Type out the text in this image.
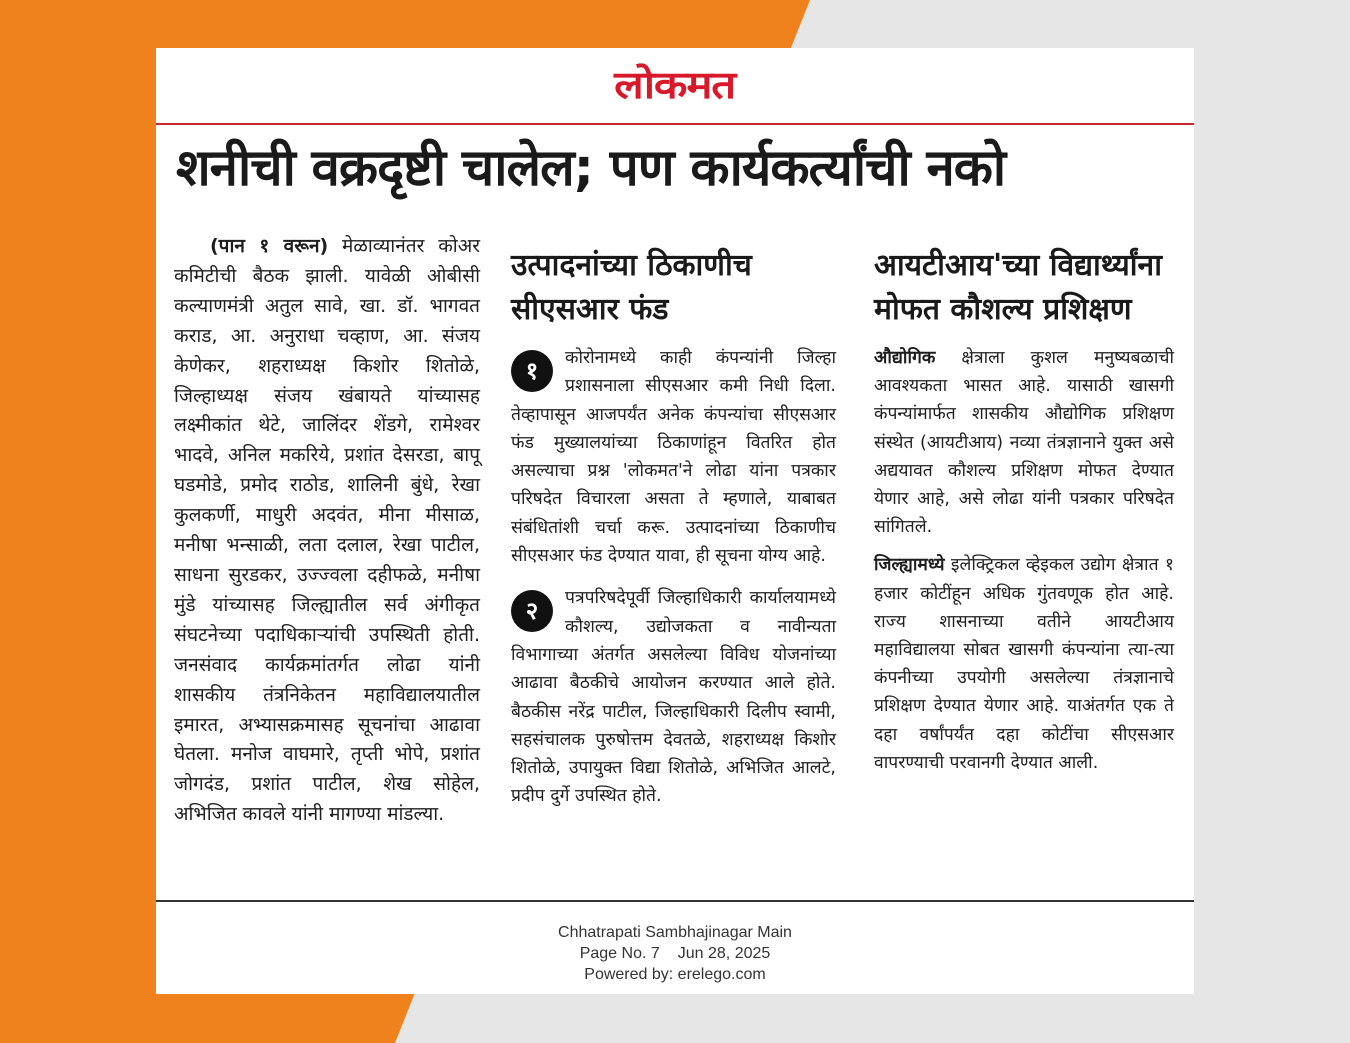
लोकमत
शनीची वक्रदृष्टी चालेल; पण कार्यकर्त्यांची नको
(पान १ वरून) मेळाव्यानंतर कोअर कमिटीची बैठक झाली. यावेळी ओबीसी कल्याणमंत्री अतुल सावे, खा. डॉ. भागवत कराड, आ. अनुराधा चव्हाण, आ. संजय केणेकर, शहराध्यक्ष किशोर शितोळे, जिल्हाध्यक्ष संजय खंबायते यांच्यासह लक्ष्मीकांत थेटे, जालिंदर शेंडगे, रामेश्वर भादवे, अनिल मकरिये, प्रशांत देसरडा, बापू घडमोडे, प्रमोद राठोड, शालिनी बुंधे, रेखा कुलकर्णी, माधुरी अदवंत, मीना मीसाळ, मनीषा भन्साळी, लता दलाल, रेखा पाटील, साधना सुरडकर, उज्ज्वला दहीफळे, मनीषा मुंडे यांच्यासह जिल्ह्यातील सर्व अंगीकृत संघटनेच्या पदाधिकाऱ्यांची उपस्थिती होती. जनसंवाद कार्यक्रमांतर्गत लोढा यांनी शासकीय तंत्रनिकेतन महाविद्यालयातील इमारत, अभ्यासक्रमासह सूचनांचा आढावा घेतला. मनोज वाघमारे, तृप्ती भोपे, प्रशांत जोगदंड, प्रशांत पाटील, शेख सोहेल, अभिजित कावले यांनी मागण्या मांडल्या.
उत्पादनांच्या ठिकाणीच सीएसआर फंड
१	कोरोनामध्ये काही कंपन्यांनी जिल्हा प्रशासनाला सीएसआर कमी निधी दिला. तेव्हापासून आजपर्यंत अनेक कंपन्यांचा सीएसआर फंड मुख्यालयांच्या ठिकाणांहून वितरित होत असल्याचा प्रश्न 'लोकमत'ने लोढा यांना पत्रकार परिषदेत विचारला असता ते म्हणाले, याबाबत संबंधितांशी चर्चा करू. उत्पादनांच्या ठिकाणीच सीएसआर फंड देण्यात यावा, ही सूचना योग्य आहे.
२	पत्रपरिषदेपूर्वी जिल्हाधिकारी कार्यालयामध्ये कौशल्य, उद्योजकता व नावीन्यता विभागाच्या अंतर्गत असलेल्या विविध योजनांच्या आढावा बैठकीचे आयोजन करण्यात आले होते. बैठकीस नरेंद्र पाटील, जिल्हाधिकारी दिलीप स्वामी, सहसंचालक पुरुषोत्तम देवतळे, शहराध्यक्ष किशोर शितोळे, उपायुक्त विद्या शितोळे, अभिजित आलटे, प्रदीप दुर्गे उपस्थित होते.
आयटीआय'च्या विद्यार्थ्यांना मोफत कौशल्य प्रशिक्षण
औद्योगिक क्षेत्राला कुशल मनुष्यबळाची आवश्यकता भासत आहे. यासाठी खासगी कंपन्यांमार्फत शासकीय औद्योगिक प्रशिक्षण संस्थेत (आयटीआय) नव्या तंत्रज्ञानाने युक्त असे अद्ययावत कौशल्य प्रशिक्षण मोफत देण्यात येणार आहे, असे लोढा यांनी पत्रकार परिषदेत सांगितले.
जिल्ह्यामध्ये इलेक्ट्रिकल व्हेइकल उद्योग क्षेत्रात १ हजार कोटींहून अधिक गुंतवणूक होत आहे. राज्य शासनाच्या वतीने आयटीआय महाविद्यालया सोबत खासगी कंपन्यांना त्या-त्या कंपनीच्या उपयोगी असलेल्या तंत्रज्ञानाचे प्रशिक्षण देण्यात येणार आहे. याअंतर्गत एक ते दहा वर्षांपर्यंत दहा कोटींचा सीएसआर वापरण्याची परवानगी देण्यात आली.
Chhatrapati Sambhajinagar Main
Page No. 7 Jun 28, 2025
Powered by: erelego.com
